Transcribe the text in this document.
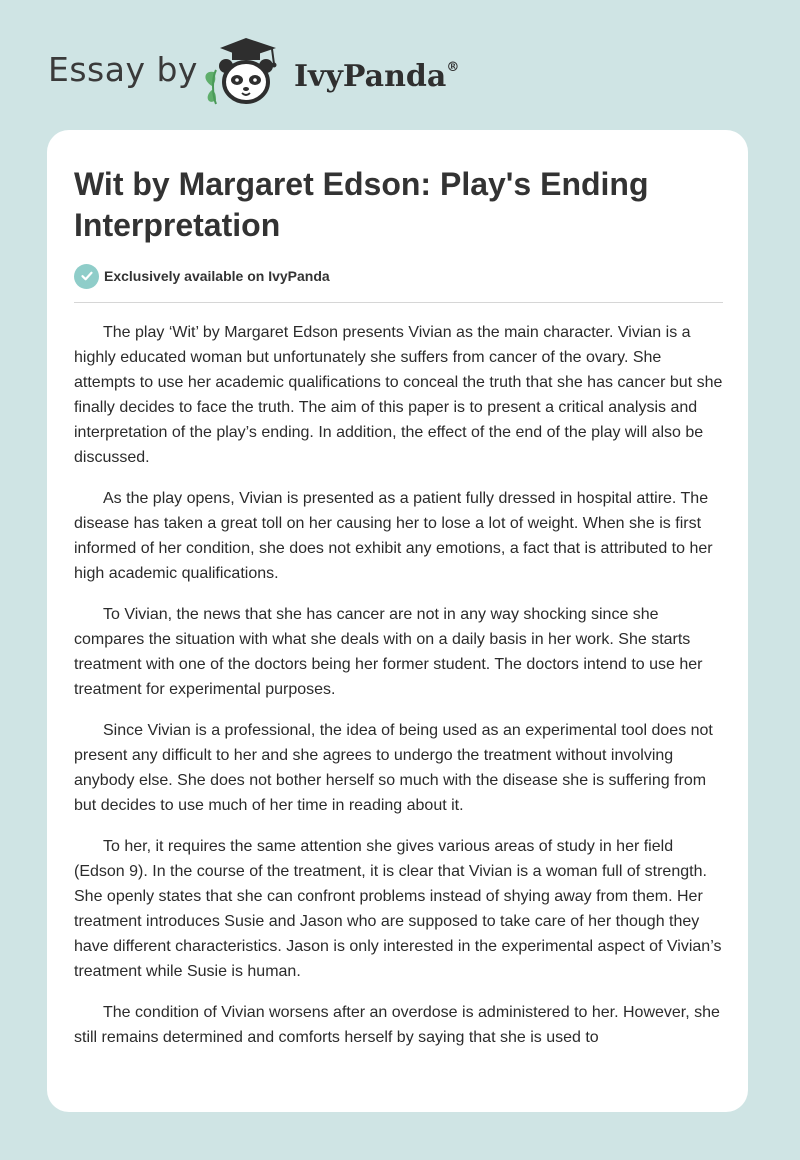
Essay by	IvyPanda®
Wit by Margaret Edson: Play's Ending Interpretation
Exclusively available on IvyPanda

The play ‘Wit’ by Margaret Edson presents Vivian as the main character. Vivian is a highly educated woman but unfortunately she suffers from cancer of the ovary. She attempts to use her academic qualifications to conceal the truth that she has cancer but she finally decides to face the truth. The aim of this paper is to present a critical analysis and interpretation of the play’s ending. In addition, the effect of the end of the play will also be discussed.

As the play opens, Vivian is presented as a patient fully dressed in hospital attire. The disease has taken a great toll on her causing her to lose a lot of weight. When she is first informed of her condition, she does not exhibit any emotions, a fact that is attributed to her high academic qualifications.

To Vivian, the news that she has cancer are not in any way shocking since she compares the situation with what she deals with on a daily basis in her work. She starts treatment with one of the doctors being her former student. The doctors intend to use her treatment for experimental purposes.

Since Vivian is a professional, the idea of being used as an experimental tool does not present any difficult to her and she agrees to undergo the treatment without involving anybody else. She does not bother herself so much with the disease she is suffering from but decides to use much of her time in reading about it.

To her, it requires the same attention she gives various areas of study in her field (Edson 9). In the course of the treatment, it is clear that Vivian is a woman full of strength. She openly states that she can confront problems instead of shying away from them. Her treatment introduces Susie and Jason who are supposed to take care of her though they have different characteristics. Jason is only interested in the experimental aspect of Vivian’s treatment while Susie is human.

The condition of Vivian worsens after an overdose is administered to her. However, she still remains determined and comforts herself by saying that she is used to
